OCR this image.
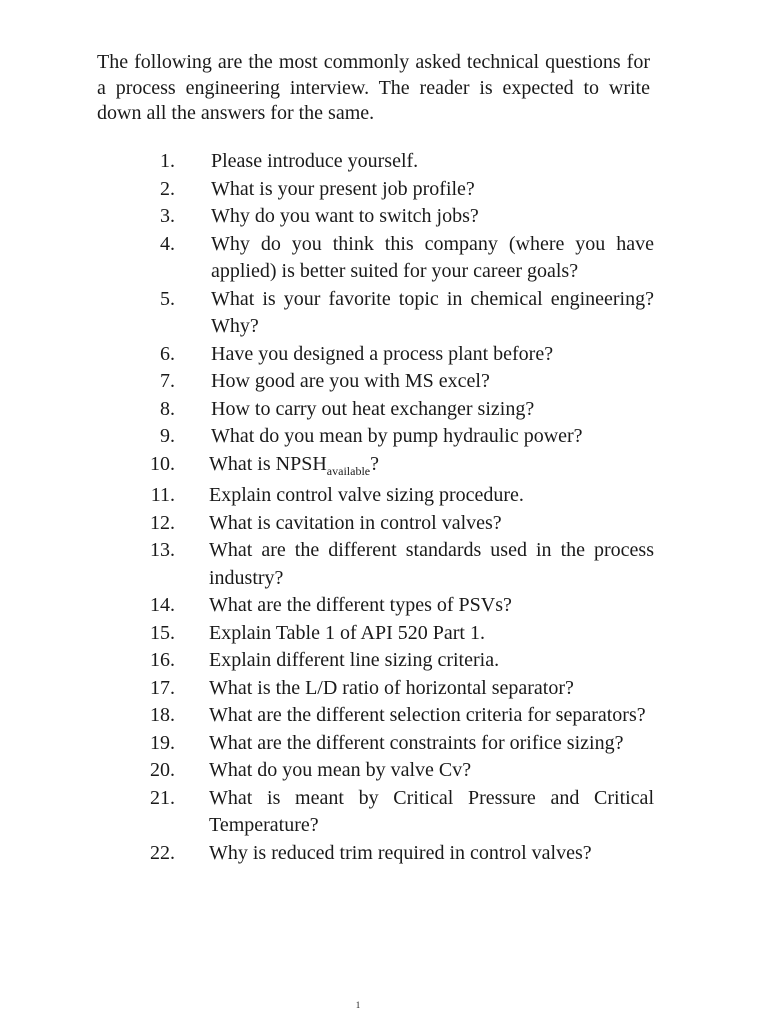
The following are the most commonly asked technical questions for a process engineering interview. The reader is expected to write down all the answers for the same.

1. Please introduce yourself.
2. What is your present job profile?
3. Why do you want to switch jobs?
4. Why do you think this company (where you have applied) is better suited for your career goals?
5. What is your favorite topic in chemical engineering? Why?
6. Have you designed a process plant before?
7. How good are you with MS excel?
8. How to carry out heat exchanger sizing?
9. What do you mean by pump hydraulic power?
10. What is $NPSH_{available}$?
11. Explain control valve sizing procedure.
12. What is cavitation in control valves?
13. What are the different standards used in the process industry?
14. What are the different types of PSVs?
15. Explain Table 1 of API 520 Part 1.
16. Explain different line sizing criteria.
17. What is the L/D ratio of horizontal separator?
18. What are the different selection criteria for separators?
19. What are the different constraints for orifice sizing?
20. What do you mean by valve Cv?
21. What is meant by Critical Pressure and Critical Temperature?
22. Why is reduced trim required in control valves?
1
